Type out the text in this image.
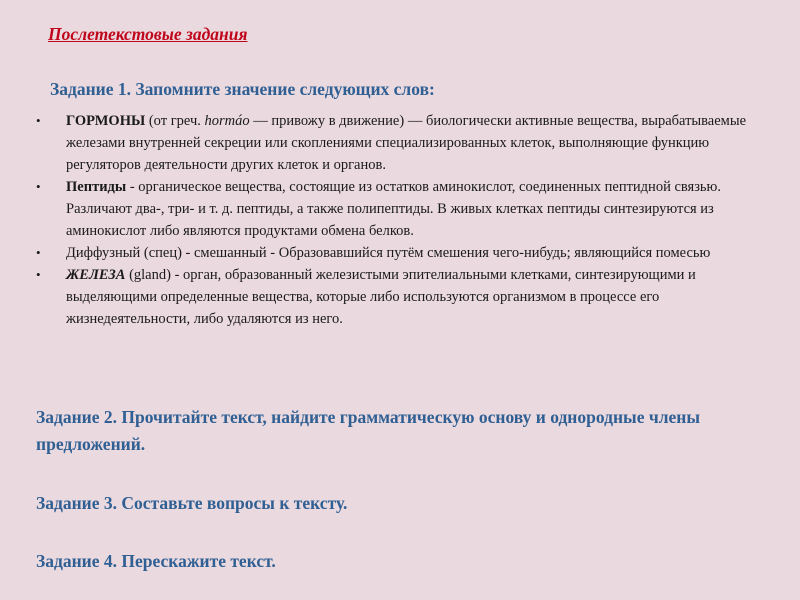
Послетекстовые задания
Задание 1. Запомните значение следующих слов:
• ГОРМОНЫ (от греч. hormáo — привожу в движение) — биологически активные вещества, вырабатываемые железами внутренней секреции или скоплениями специализированных клеток, выполняющие функцию регуляторов деятельности других клеток и органов.
• Пептиды - органическое вещества, состоящие из остатков аминокислот, соединенных пептидной связью. Различают два-, три- и т. д. пептиды, а также полипептиды. В живых клетках пептиды синтезируются из аминокислот либо являются продуктами обмена белков.
• Диффузный (спец) - смешанный - Образовавшийся путём смешения чего-нибудь; являющийся помесью
• ЖЕЛЕЗА (gland) - орган, образованный железистыми эпителиальными клетками, синтезирующими и выделяющими определенные вещества, которые либо используются организмом в процессе его жизнедеятельности, либо удаляются из него.
Задание 2. Прочитайте текст, найдите грамматическую основу и однородные члены предложений.
Задание 3. Составьте вопросы к тексту.
Задание 4. Перескажите текст.
